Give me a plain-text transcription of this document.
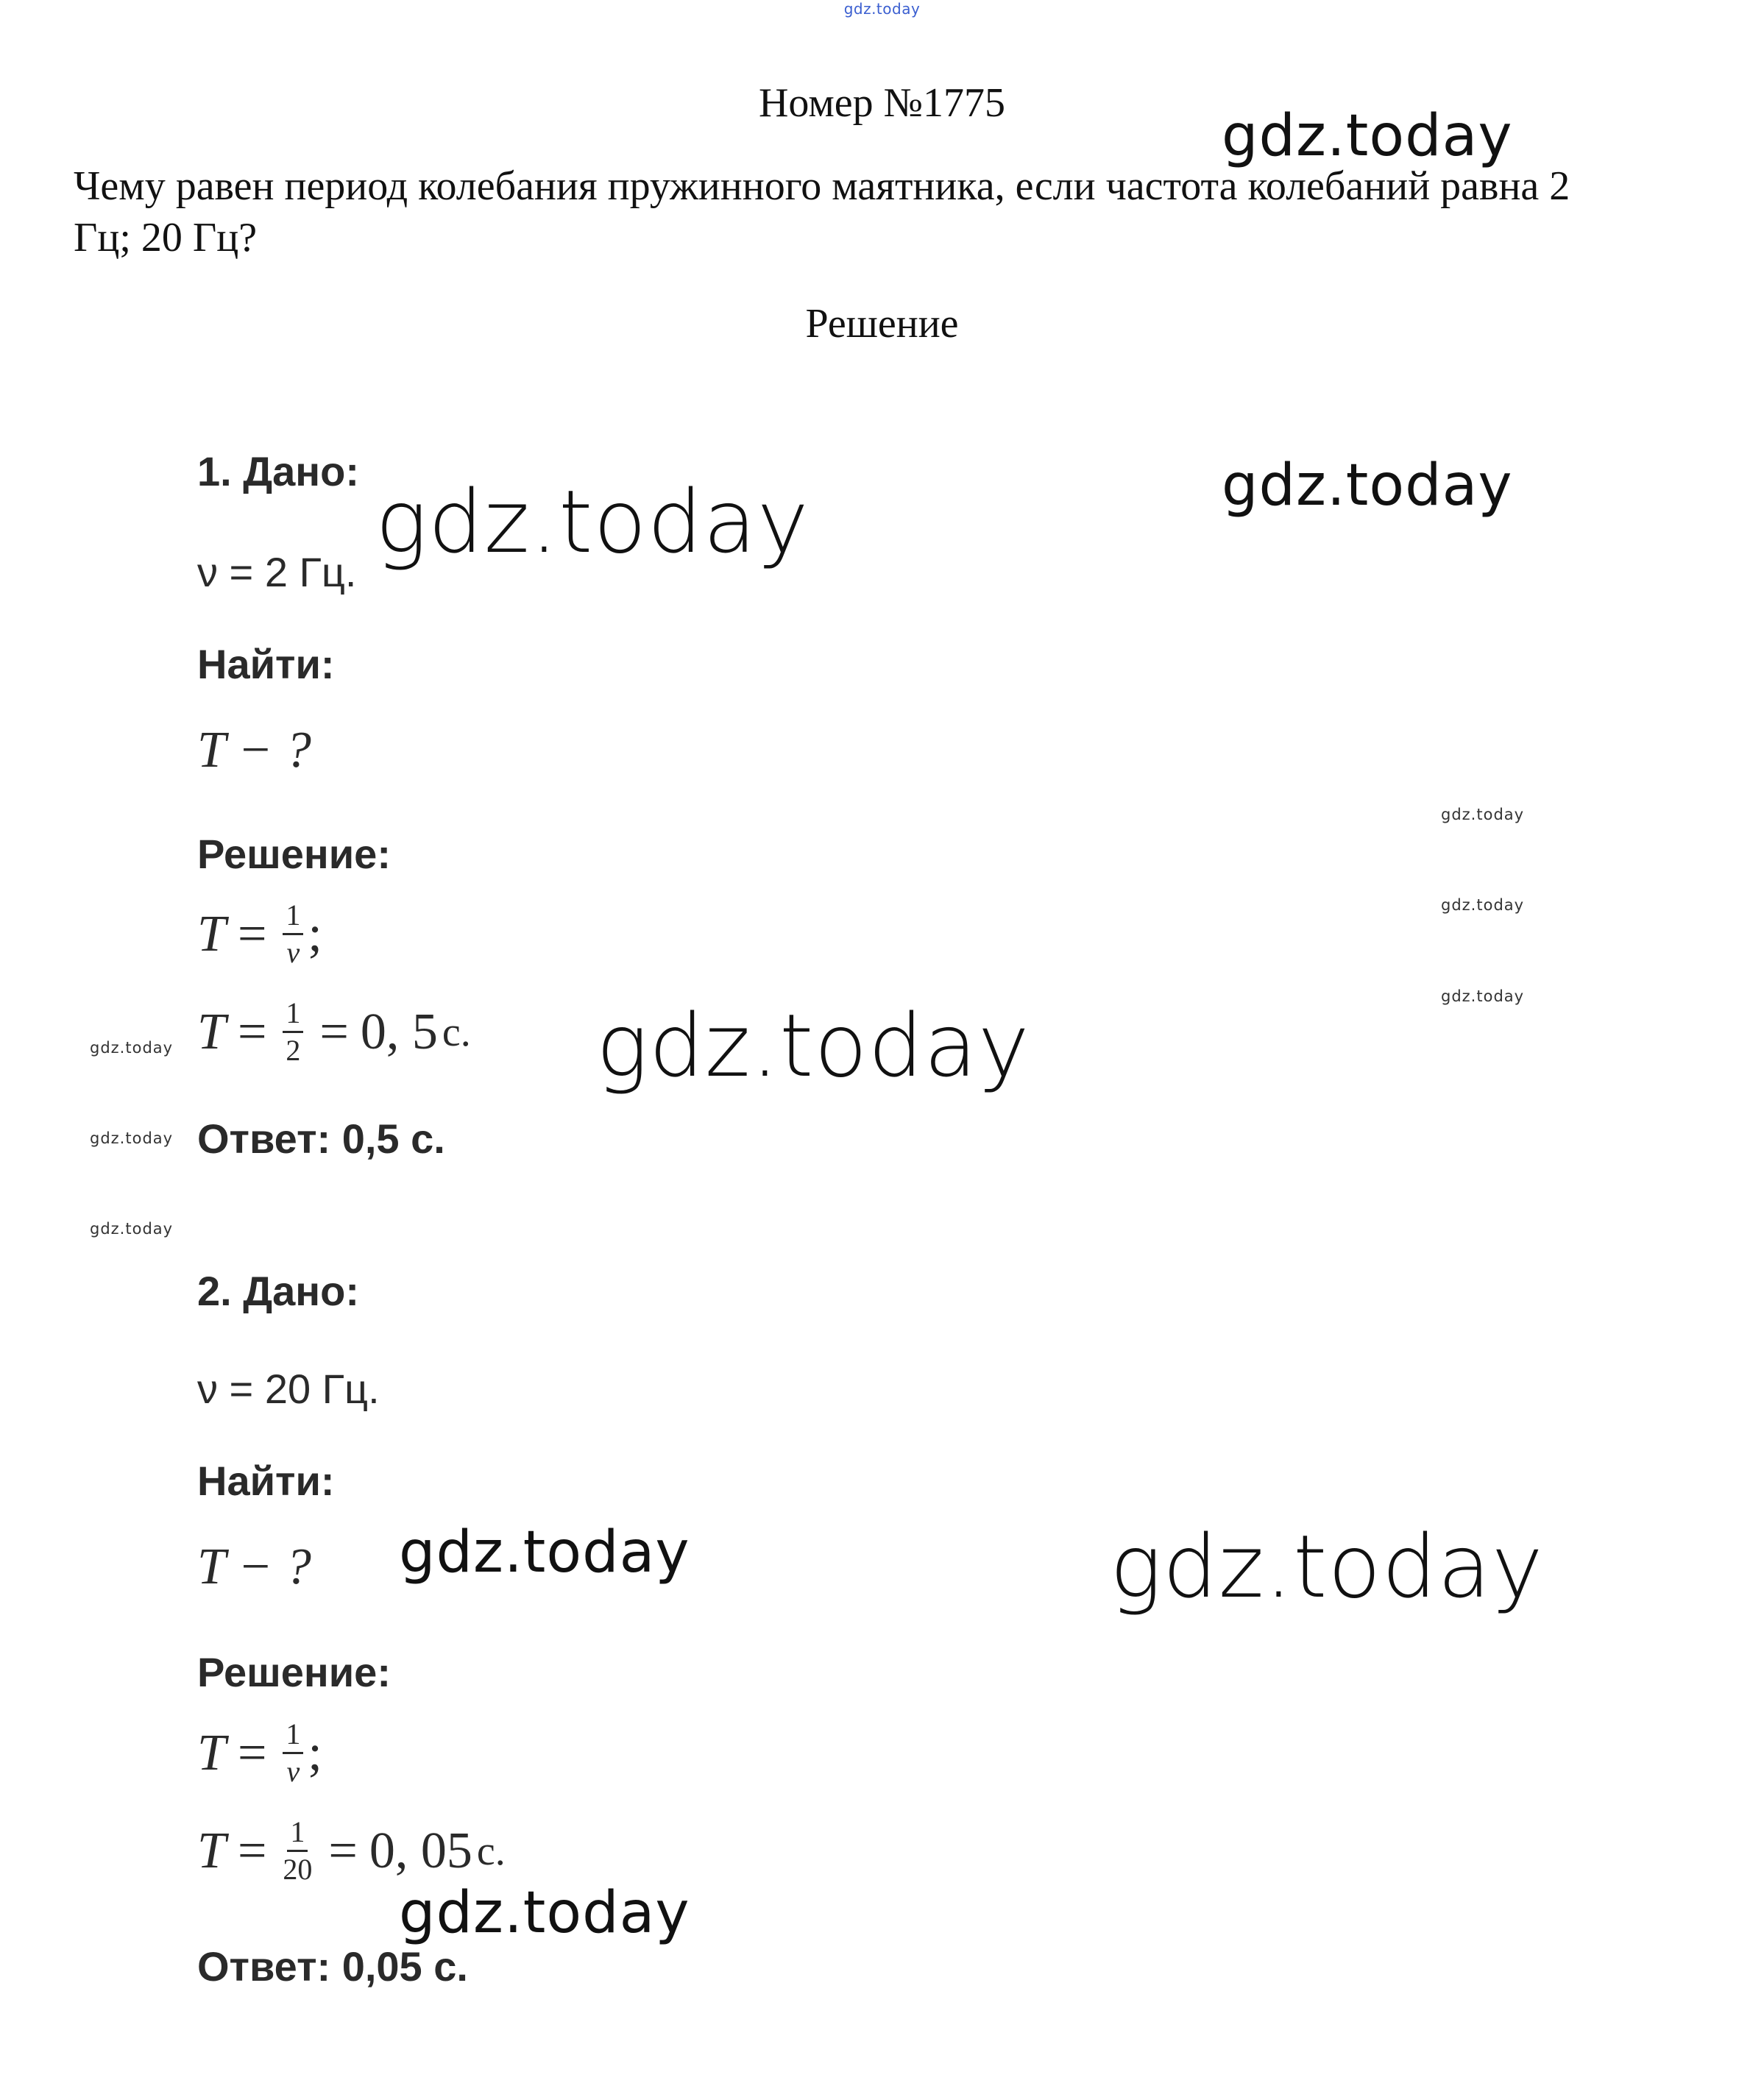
gdz.today
Номер №1775
Чему равен период колебания пружинного маятника, если частота колебаний равна 2 Гц; 20 Гц?
Решение
1. Дано:
ν = 2 Гц.
Найти:
T − ?
Решение:
$T = \frac{1}{\nu}$ ;
$T = \frac{1}{2} = 0$, 5 с.
Ответ: 0,5 с.
2. Дано:
ν = 20 Гц.
Найти:
T − ?
Решение:
$T = \frac{1}{\nu}$ ;
$T = \frac{1}{20} = 0$, 05 с.
Ответ: 0,05 с.
gdz.today
gdz.today
gdz.today
gdz.today
gdz.today
gdz.today
gdz.today
gdz.today
gdz.today
gdz.today
gdz.today	gdz.today
gdz.today
